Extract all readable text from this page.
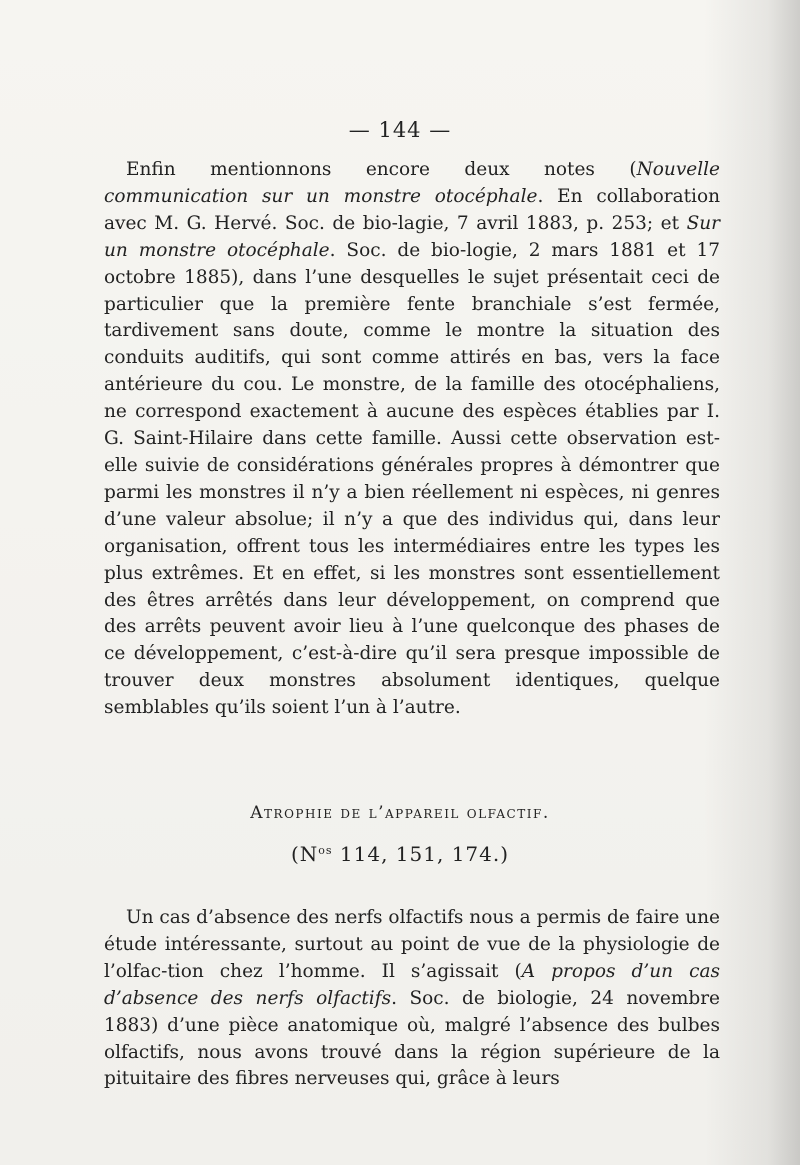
— 144 —

Enfin mentionnons encore deux notes (Nouvelle communication sur un monstre otocéphale. En collaboration avec M. G. Hervé. Soc. de bio-lagie, 7 avril 1883, p. 253; et Sur un monstre otocéphale. Soc. de bio-logie, 2 mars 1881 et 17 octobre 1885), dans l’une desquelles le sujet présentait ceci de particulier que la première fente branchiale s’est fermée, tardivement sans doute, comme le montre la situation des conduits auditifs, qui sont comme attirés en bas, vers la face antérieure du cou. Le monstre, de la famille des otocéphaliens, ne correspond exactement à aucune des espèces établies par I. G. Saint-Hilaire dans cette famille. Aussi cette observation est-elle suivie de considérations générales propres à démontrer que parmi les monstres il n’y a bien réellement ni espèces, ni genres d’une valeur absolue; il n’y a que des individus qui, dans leur organisation, offrent tous les intermédiaires entre les types les plus extrêmes. Et en effet, si les monstres sont essentiellement des êtres arrêtés dans leur développement, on comprend que des arrêts peuvent avoir lieu à l’une quelconque des phases de ce développement, c’est-à-dire qu’il sera presque impossible de trouver deux monstres absolument identiques, quelque semblables qu’ils soient l’un à l’autre.

Atrophie de l’appareil olfactif.
($N^{os}$ 114, 151, 174.)

Un cas d’absence des nerfs olfactifs nous a permis de faire une étude intéressante, surtout au point de vue de la physiologie de l’olfac-tion chez l’homme. Il s’agissait (A propos d’un cas d’absence des nerfs olfactifs. Soc. de biologie, 24 novembre 1883) d’une pièce anatomique où, malgré l’absence des bulbes olfactifs, nous avons trouvé dans la région supérieure de la pituitaire des fibres nerveuses qui, grâce à leurs
